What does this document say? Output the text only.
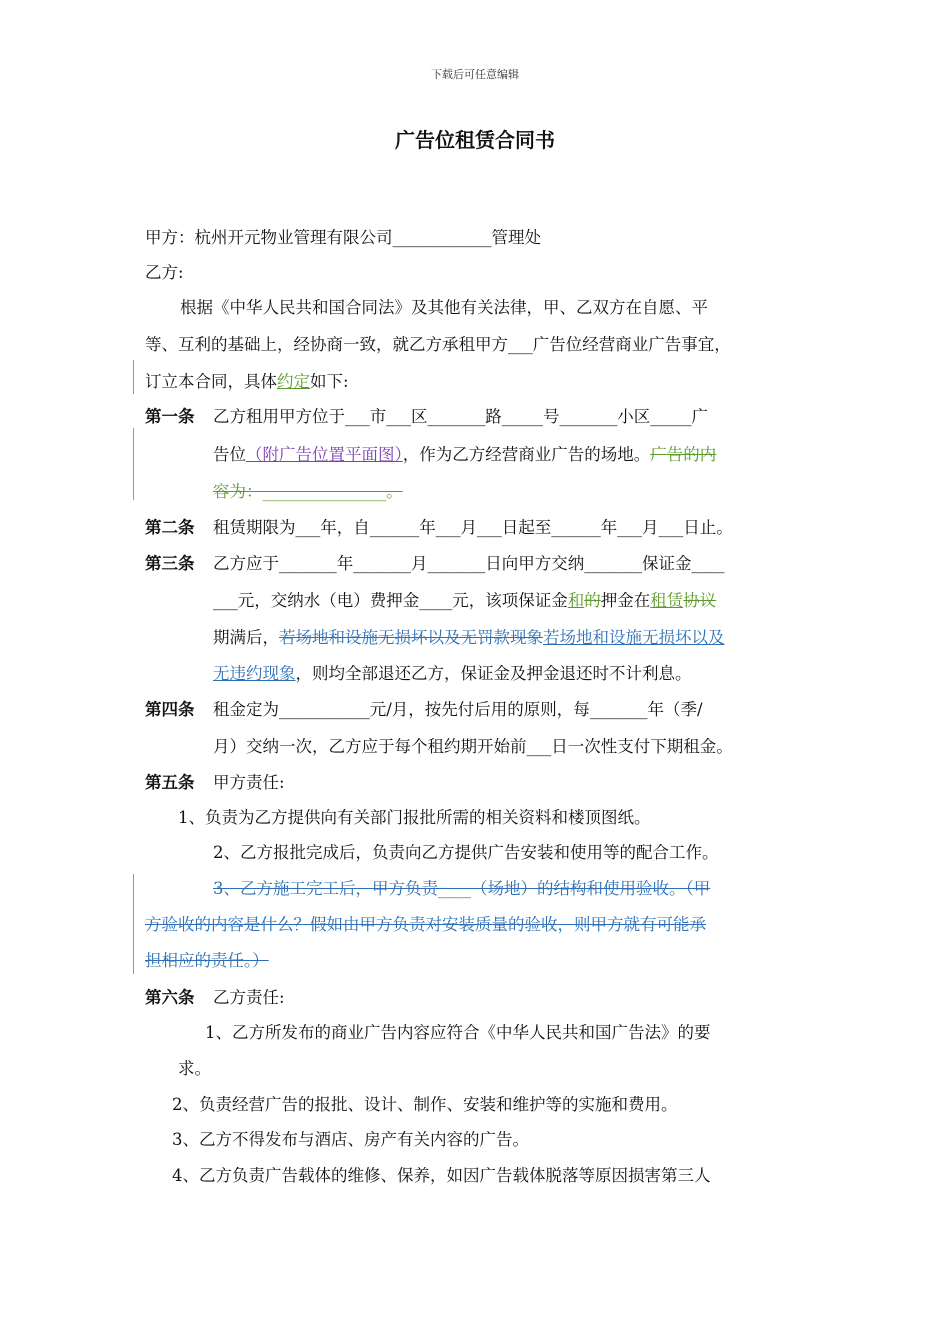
下载后可任意编辑
广告位租赁合同书
甲方：杭州开元物业管理有限公司____________管理处
乙方:
根据《中华人民共和国合同法》及其他有关法律，甲、乙双方在自愿、平
等、互利的基础上，经协商一致，就乙方承租甲方___广告位经营商业广告事宜，
订立本合同，具体约定如下:
第一条 乙方租用甲方位于___市___区_______路_____号_______小区_____广
告位（附广告位置平面图），作为乙方经营商业广告的场地。广告的内
容为：_______________。
第二条 租赁期限为___年，自______年___月___日起至______年___月___日止。
第三条 乙方应于_______年_______月_______日向甲方交纳_______保证金____
___元，交纳水（电）费押金____元，该项保证金和的押金在租赁协议
期满后，若场地和设施无损坏以及无罚款现象若场地和设施无损坏以及
无违约现象，则均全部退还乙方，保证金及押金退还时不计利息。
第四条 租金定为___________元/月，按先付后用的原则，每_______年（季/
月）交纳一次，乙方应于每个租约期开始前___日一次性支付下期租金。
第五条 甲方责任:
1、负责为乙方提供向有关部门报批所需的相关资料和楼顶图纸。
2、乙方报批完成后，负责向乙方提供广告安装和使用等的配合工作。
3、乙方施工完工后，甲方负责____（场地）的结构和使用验收。（甲
方验收的内容是什么？假如由甲方负责对安装质量的验收，则甲方就有可能承
担相应的责任。）
第六条 乙方责任:
1、乙方所发布的商业广告内容应符合《中华人民共和国广告法》的要
求。
2、负责经营广告的报批、设计、制作、安装和维护等的实施和费用。
3、乙方不得发布与酒店、房产有关内容的广告。
4、乙方负责广告载体的维修、保养，如因广告载体脱落等原因损害第三人
